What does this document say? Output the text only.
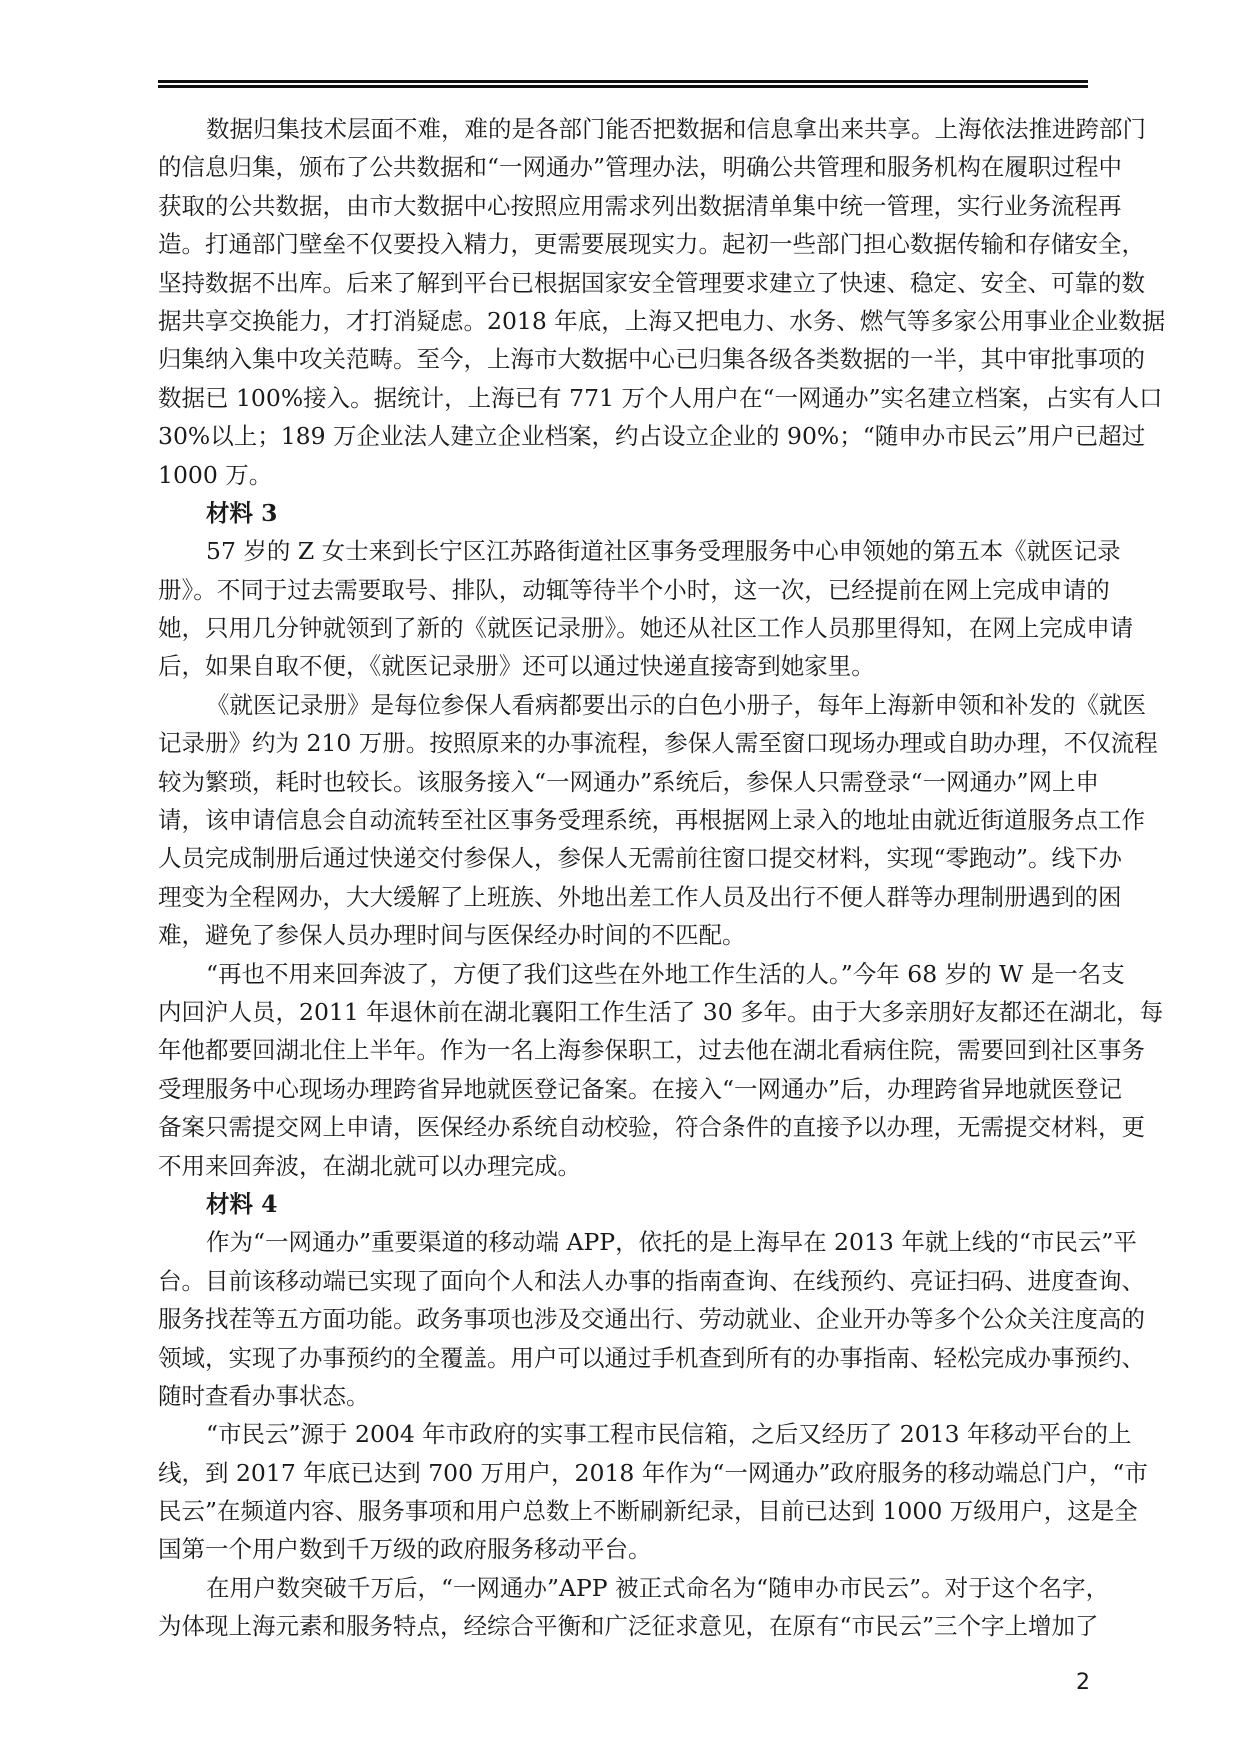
数据归集技术层面不难，难的是各部门能否把数据和信息拿出来共享。上海依法推进跨部门
的信息归集，颁布了公共数据和“一网通办”管理办法，明确公共管理和服务机构在履职过程中
获取的公共数据，由市大数据中心按照应用需求列出数据清单集中统一管理，实行业务流程再
造。打通部门壁垒不仅要投入精力，更需要展现实力。起初一些部门担心数据传输和存储安全，
坚持数据不出库。后来了解到平台已根据国家安全管理要求建立了快速、稳定、安全、可靠的数
据共享交换能力，才打消疑虑。2018 年底，上海又把电力、水务、燃气等多家公用事业企业数据
归集纳入集中攻关范畴。至今，上海市大数据中心已归集各级各类数据的一半，其中审批事项的
数据已 100%接入。据统计，上海已有 771 万个人用户在“一网通办”实名建立档案，占实有人口
30%以上；189 万企业法人建立企业档案，约占设立企业的 90%；“随申办市民云”用户已超过
1000 万。
材料 3
57 岁的 Z 女士来到长宁区江苏路街道社区事务受理服务中心申领她的第五本《就医记录
册》。不同于过去需要取号、排队，动辄等待半个小时，这一次，已经提前在网上完成申请的
她，只用几分钟就领到了新的《就医记录册》。她还从社区工作人员那里得知，在网上完成申请
后，如果自取不便，《就医记录册》还可以通过快递直接寄到她家里。
《就医记录册》是每位参保人看病都要出示的白色小册子，每年上海新申领和补发的《就医
记录册》约为 210 万册。按照原来的办事流程，参保人需至窗口现场办理或自助办理，不仅流程
较为繁琐，耗时也较长。该服务接入“一网通办”系统后，参保人只需登录“一网通办”网上申
请，该申请信息会自动流转至社区事务受理系统，再根据网上录入的地址由就近街道服务点工作
人员完成制册后通过快递交付参保人，参保人无需前往窗口提交材料，实现“零跑动”。线下办
理变为全程网办，大大缓解了上班族、外地出差工作人员及出行不便人群等办理制册遇到的困
难，避免了参保人员办理时间与医保经办时间的不匹配。
“再也不用来回奔波了，方便了我们这些在外地工作生活的人。”今年 68 岁的 W 是一名支
内回沪人员，2011 年退休前在湖北襄阳工作生活了 30 多年。由于大多亲朋好友都还在湖北，每
年他都要回湖北住上半年。作为一名上海参保职工，过去他在湖北看病住院，需要回到社区事务
受理服务中心现场办理跨省异地就医登记备案。在接入“一网通办”后，办理跨省异地就医登记
备案只需提交网上申请，医保经办系统自动校验，符合条件的直接予以办理，无需提交材料，更
不用来回奔波，在湖北就可以办理完成。
材料 4
作为“一网通办”重要渠道的移动端 APP，依托的是上海早在 2013 年就上线的“市民云”平
台。目前该移动端已实现了面向个人和法人办事的指南查询、在线预约、亮证扫码、进度查询、
服务找茬等五方面功能。政务事项也涉及交通出行、劳动就业、企业开办等多个公众关注度高的
领域，实现了办事预约的全覆盖。用户可以通过手机查到所有的办事指南、轻松完成办事预约、
随时查看办事状态。
“市民云”源于 2004 年市政府的实事工程市民信箱，之后又经历了 2013 年移动平台的上
线，到 2017 年底已达到 700 万用户，2018 年作为“一网通办”政府服务的移动端总门户，“市
民云”在频道内容、服务事项和用户总数上不断刷新纪录，目前已达到 1000 万级用户，这是全
国第一个用户数到千万级的政府服务移动平台。
在用户数突破千万后，“一网通办”APP 被正式命名为“随申办市民云”。对于这个名字，
为体现上海元素和服务特点，经综合平衡和广泛征求意见，在原有“市民云”三个字上增加了
2
